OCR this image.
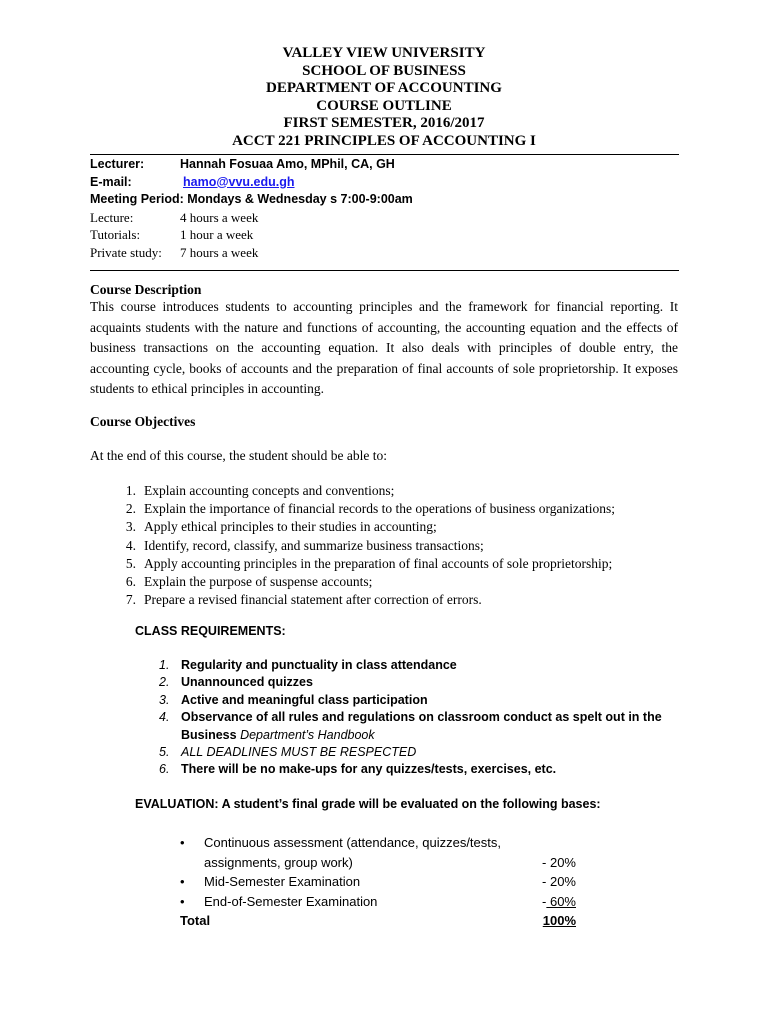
VALLEY VIEW UNIVERSITY
SCHOOL OF BUSINESS
DEPARTMENT OF ACCOUNTING
COURSE OUTLINE
FIRST SEMESTER, 2016/2017
ACCT 221 PRINCIPLES OF ACCOUNTING I
Lecturer:	Hannah Fosuaa Amo, MPhil, CA, GH
E-mail:	hamo@vvu.edu.gh
Meeting Period: Mondays & Wednesday s 7:00-9:00am
Lecture:	4 hours a week
Tutorials:	1 hour a week
Private study: 7 hours a week
Course Description
This course introduces students to accounting principles and the framework for financial reporting. It acquaints students with the nature and functions of accounting, the accounting equation and the effects of business transactions on the accounting equation. It also deals with principles of double entry, the accounting cycle, books of accounts and the preparation of final accounts of sole proprietorship. It exposes students to ethical principles in accounting.
Course Objectives
At the end of this course, the student should be able to:
1. Explain accounting concepts and conventions;
2. Explain the importance of financial records to the operations of business organizations;
3. Apply ethical principles to their studies in accounting;
4. Identify, record, classify, and summarize business transactions;
5. Apply accounting principles in the preparation of final accounts of sole proprietorship;
6. Explain the purpose of suspense accounts;
7. Prepare a revised financial statement after correction of errors.
CLASS REQUIREMENTS:
1. Regularity and punctuality in class attendance
2. Unannounced quizzes
3. Active and meaningful class participation
4. Observance of all rules and regulations on classroom conduct as spelt out in the
Business Department’s Handbook
5. ALL DEADLINES MUST BE RESPECTED
6. There will be no make-ups for any quizzes/tests, exercises, etc.
EVALUATION: A student’s final grade will be evaluated on the following bases:
• Continuous assessment (attendance, quizzes/tests,
assignments, group work)	- 20%
• Mid-Semester Examination	- 20%
• End-of-Semester Examination	- 60%
Total	100%
